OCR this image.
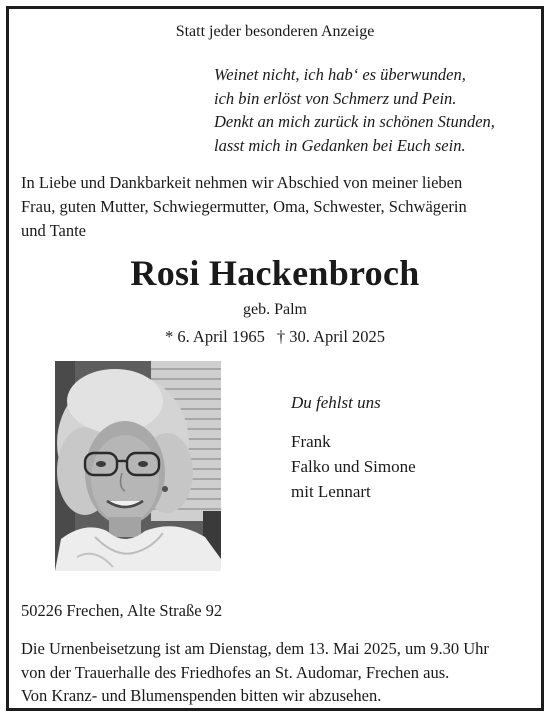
Statt jeder besonderen Anzeige
Weinet nicht, ich hab‘ es überwunden,
ich bin erlöst von Schmerz und Pein.
Denkt an mich zurück in schönen Stunden,
lasst mich in Gedanken bei Euch sein.
In Liebe und Dankbarkeit nehmen wir Abschied von meiner lieben
Frau, guten Mutter, Schwiegermutter, Oma, Schwester, Schwägerin
und Tante
Rosi Hackenbroch
geb. Palm
* 6. April 1965 † 30. April 2025
Du fehlst uns
Frank
Falko und Simone
mit Lennart
50226 Frechen, Alte Straße 92
Die Urnenbeisetzung ist am Dienstag, dem 13. Mai 2025, um 9.30 Uhr
von der Trauerhalle des Friedhofes an St. Audomar, Frechen aus.
Von Kranz- und Blumenspenden bitten wir abzusehen.
